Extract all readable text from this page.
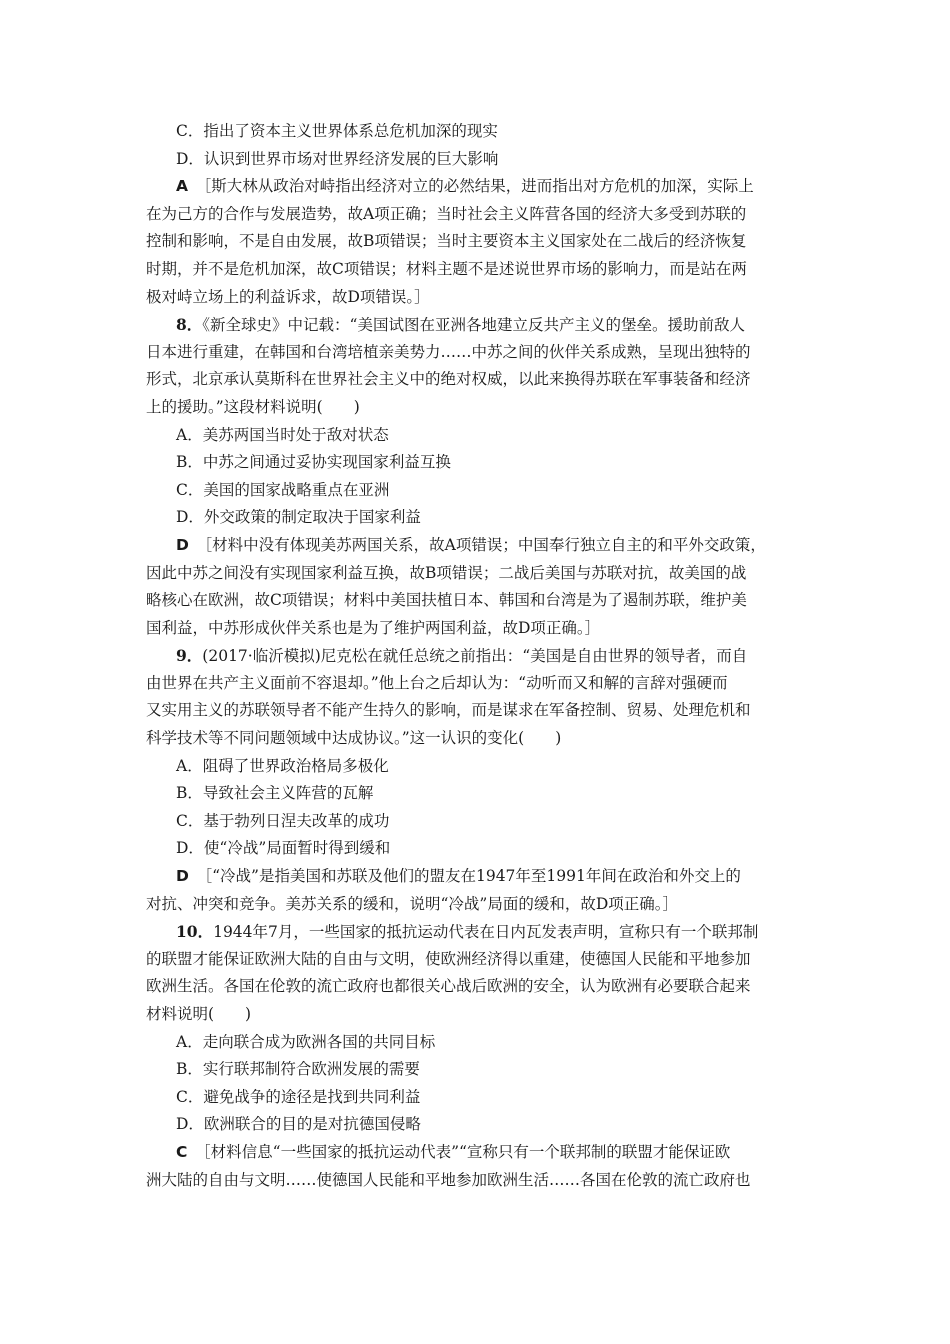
C．指出了资本主义世界体系总危机加深的现实
D．认识到世界市场对世界经济发展的巨大影响
A  ［斯大林从政治对峙指出经济对立的必然结果，进而指出对方危机的加深，实际上
在为己方的合作与发展造势，故A项正确；当时社会主义阵营各国的经济大多受到苏联的
控制和影响，不是自由发展，故B项错误；当时主要资本主义国家处在二战后的经济恢复
时期，并不是危机加深，故C项错误；材料主题不是述说世界市场的影响力，而是站在两
极对峙立场上的利益诉求，故D项错误。］
8．《新全球史》中记载：“美国试图在亚洲各地建立反共产主义的堡垒。援助前敌人
日本进行重建，在韩国和台湾培植亲美势力……中苏之间的伙伴关系成熟，呈现出独特的
形式，北京承认莫斯科在世界社会主义中的绝对权威，以此来换得苏联在军事装备和经济
上的援助。”这段材料说明(　　)
A．美苏两国当时处于敌对状态
B．中苏之间通过妥协实现国家利益互换
C．美国的国家战略重点在亚洲
D．外交政策的制定取决于国家利益
D  ［材料中没有体现美苏两国关系，故A项错误；中国奉行独立自主的和平外交政策，
因此中苏之间没有实现国家利益互换，故B项错误；二战后美国与苏联对抗，故美国的战
略核心在欧洲，故C项错误；材料中美国扶植日本、韩国和台湾是为了遏制苏联，维护美
国利益，中苏形成伙伴关系也是为了维护两国利益，故D项正确。］
9．(2017·临沂模拟)尼克松在就任总统之前指出：“美国是自由世界的领导者，而自
由世界在共产主义面前不容退却。”他上台之后却认为：“动听而又和解的言辞对强硬而
又实用主义的苏联领导者不能产生持久的影响，而是谋求在军备控制、贸易、处理危机和
科学技术等不同问题领域中达成协议。”这一认识的变化(　　)
A．阻碍了世界政治格局多极化
B．导致社会主义阵营的瓦解
C．基于勃列日涅夫改革的成功
D．使“冷战”局面暂时得到缓和
D  ［“冷战”是指美国和苏联及他们的盟友在1947年至1991年间在政治和外交上的
对抗、冲突和竞争。美苏关系的缓和，说明“冷战”局面的缓和，故D项正确。］
10．1944年7月，一些国家的抵抗运动代表在日内瓦发表声明，宣称只有一个联邦制
的联盟才能保证欧洲大陆的自由与文明，使欧洲经济得以重建，使德国人民能和平地参加
欧洲生活。各国在伦敦的流亡政府也都很关心战后欧洲的安全，认为欧洲有必要联合起来
材料说明(　　)
A．走向联合成为欧洲各国的共同目标
B．实行联邦制符合欧洲发展的需要
C．避免战争的途径是找到共同利益
D．欧洲联合的目的是对抗德国侵略
C  ［材料信息“一些国家的抵抗运动代表”“宣称只有一个联邦制的联盟才能保证欧
洲大陆的自由与文明……使德国人民能和平地参加欧洲生活……各国在伦敦的流亡政府也
